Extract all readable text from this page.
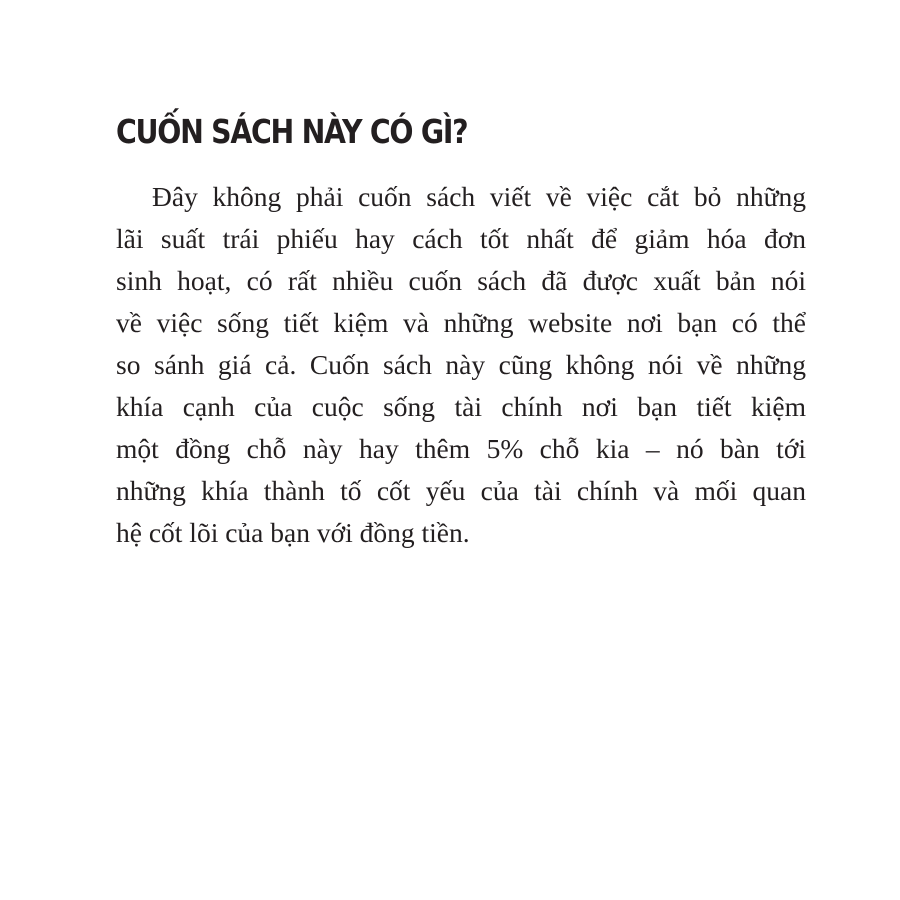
CUỐN SÁCH NÀY CÓ GÌ?
Đây không phải cuốn sách viết về việc cắt bỏ những
lãi suất trái phiếu hay cách tốt nhất để giảm hóa đơn
sinh hoạt, có rất nhiều cuốn sách đã được xuất bản nói
về việc sống tiết kiệm và những website nơi bạn có thể
so sánh giá cả. Cuốn sách này cũng không nói về những
khía cạnh của cuộc sống tài chính nơi bạn tiết kiệm
một đồng chỗ này hay thêm 5% chỗ kia – nó bàn tới
những khía thành tố cốt yếu của tài chính và mối quan
hệ cốt lõi của bạn với đồng tiền.
